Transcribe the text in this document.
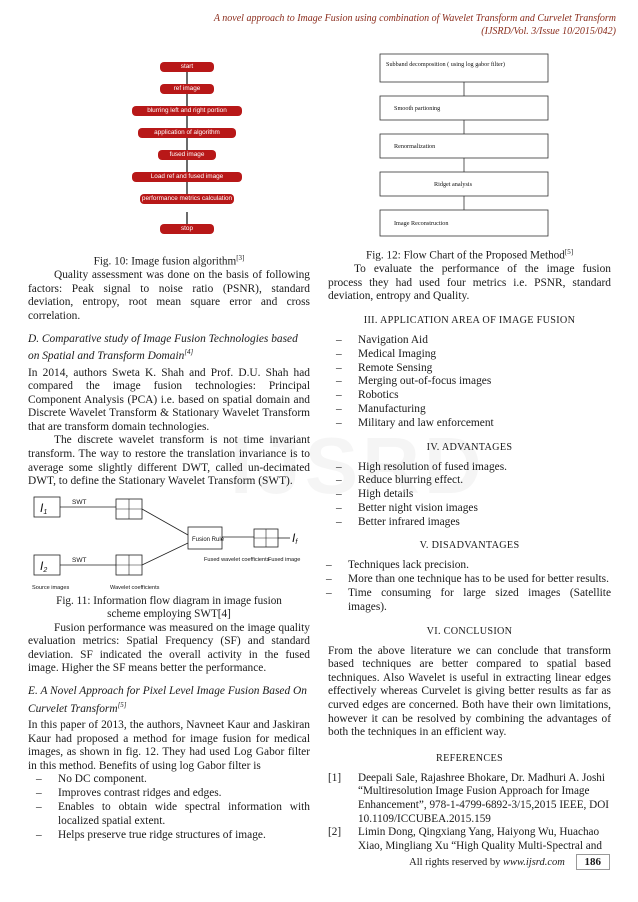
A novel approach to Image Fusion using combination of Wavelet Transform and Curvelet Transform
(IJSRD/Vol. 3/Issue 10/2015/042)
start
ref image
blurring left and right portion
application of algorithm
fused image
Load ref and fused image
performance metrics calculation
stop

Fig. 10: Image fusion algorithm[3]

Quality assessment was done on the basis of following factors: Peak signal to noise ratio (PSNR), standard deviation, entropy, root mean square error and cross correlation.

D. Comparative study of Image Fusion Technologies based on Spatial and Transform Domain[4]

In 2014, authors Sweta K. Shah and Prof. D.U. Shah had compared the image fusion technologies: Principal Component Analysis (PCA) i.e. based on spatial domain and Discrete Wavelet Transform & Stationary Wavelet Transform that are transform domain technologies.

The discrete wavelet transform is not time invariant transform. The way to restore the translation invariance is to average some slightly different DWT, called un-decimated DWT, to define the Stationary Wavelet Transform (SWT).

I1
SWT
Fusion Rule	If
I2
SWT	Fused wavelet coefficients
Fused image
Source images	Wavelet coefficients

Fig. 11: Information flow diagram in image fusion scheme employing SWT[4]

Fusion performance was measured on the image quality evaluation metrics: Spatial Frequency (SF) and standard deviation. SF indicated the overall activity in the fused image. Higher the SF means better the performance.

E. A Novel Approach for Pixel Level Image Fusion Based On Curvelet Transform[5]

In this paper of 2013, the authors, Navneet Kaur and Jaskiran Kaur had proposed a method for image fusion for medical images, as shown in fig. 12. They had used Log Gabor filter in this method. Benefits of using log Gabor filter is

– No DC component.
– Improves contrast ridges and edges.
– Enables to obtain wide spectral information with localized spatial extent.
– Helps preserve true ridge structures of image.
Subband decomposition ( using log gabor filter)
Smooth partioning
Renormalization
Ridget analysis
Image Reconstruction

Fig. 12: Flow Chart of the Proposed Method[5]

To evaluate the performance of the image fusion process they had used four metrics i.e. PSNR, standard deviation, entropy and Quality.

III. APPLICATION AREA OF IMAGE FUSION
– Navigation Aid
– Medical Imaging
– Remote Sensing
– Merging out-of-focus images
– Robotics
– Manufacturing
– Military and law enforcement
IV. ADVANTAGES
– High resolution of fused images.
– Reduce blurring effect.
– High details
– Better night vision images
– Better infrared images
V. DISADVANTAGES
– Techniques lack precision.
– More than one technique has to be used for better results.
– Time consuming for large sized images (Satellite images).
VI. CONCLUSION

From the above literature we can conclude that transform based techniques are better compared to spatial based techniques. Also Wavelet is useful in extracting linear edges effectively whereas Curvelet is giving better results as far as curved edges are concerned. Both have their own limitations, however it can be resolved by combining the advantages of both the techniques in an efficient way.

REFERENCES
[1] Deepali Sale, Rajashree Bhokare, Dr. Madhuri A. Joshi “Multiresolution Image Fusion Approach for Image Enhancement”, 978-1-4799-6892-3/15,2015 IEEE, DOI 10.1109/ICCUBEA.2015.159
[2] Limin Dong, Qingxiang Yang, Haiyong Wu, Huachao Xiao, Mingliang Xu “High Quality Multi-Spectral and
All rights reserved by www.ijsrd.com 186
